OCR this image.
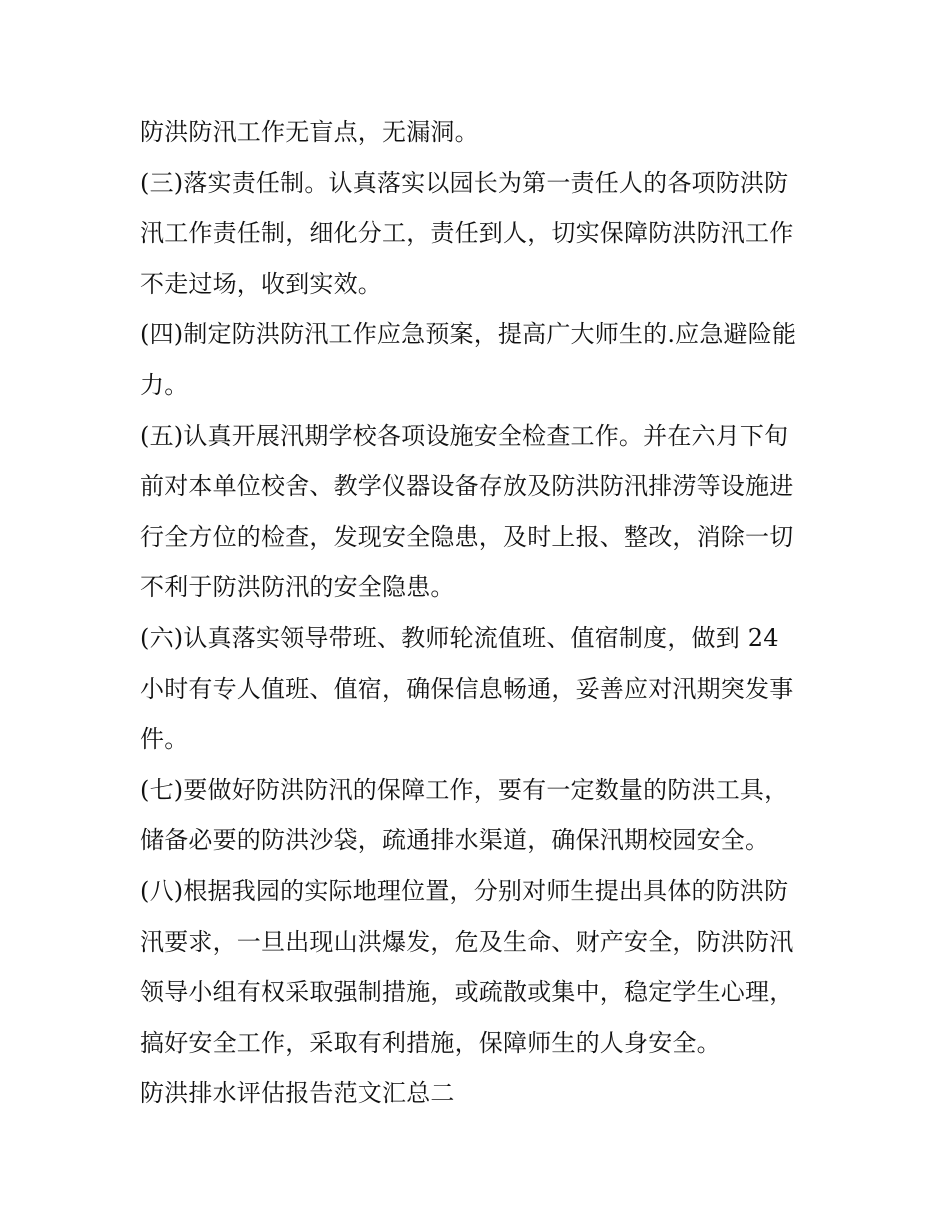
防洪防汛工作无盲点，无漏洞。
(三)落实责任制。认真落实以园长为第一责任人的各项防洪防
汛工作责任制，细化分工，责任到人，切实保障防洪防汛工作
不走过场，收到实效。
(四)制定防洪防汛工作应急预案，提高广大师生的.应急避险能
力。
(五)认真开展汛期学校各项设施安全检查工作。并在六月下旬
前对本单位校舍、教学仪器设备存放及防洪防汛排涝等设施进
行全方位的检查，发现安全隐患，及时上报、整改，消除一切
不利于防洪防汛的安全隐患。
(六)认真落实领导带班、教师轮流值班、值宿制度，做到 24
小时有专人值班、值宿，确保信息畅通，妥善应对汛期突发事
件。
(七)要做好防洪防汛的保障工作，要有一定数量的防洪工具，
储备必要的防洪沙袋，疏通排水渠道，确保汛期校园安全。
(八)根据我园的实际地理位置，分别对师生提出具体的防洪防
汛要求，一旦出现山洪爆发，危及生命、财产安全，防洪防汛
领导小组有权采取强制措施，或疏散或集中，稳定学生心理，
搞好安全工作，采取有利措施，保障师生的人身安全。
防洪排水评估报告范文汇总二
